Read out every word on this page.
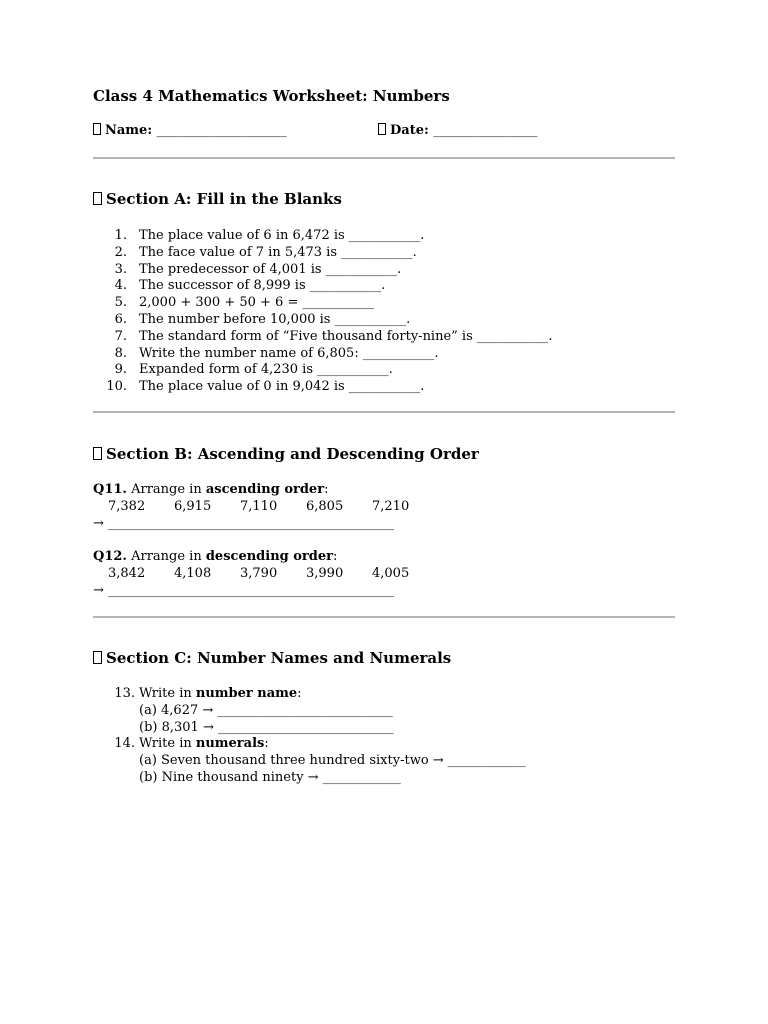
Class 4 Mathematics Worksheet: Numbers
Name: ____________________	Date: ________________
Section A: Fill in the Blanks
1. The place value of 6 in 6,472 is ___________.
2. The face value of 7 in 5,473 is ___________.
3. The predecessor of 4,001 is ___________.
4. The successor of 8,999 is ___________.
5. 2,000 + 300 + 50 + 6 = ___________
6. The number before 10,000 is ___________.
7. The standard form of “Five thousand forty-nine” is ___________.
8. Write the number name of 6,805: ___________.
9. Expanded form of 4,230 is ___________.
10. The place value of 0 in 9,042 is ___________.
Section B: Ascending and Descending Order
Q11. Arrange in ascending order:
7,382 6,915 7,110 6,805 7,210
→ ____________________________________________
Q12. Arrange in descending order:
3,842 4,108 3,790 3,990 4,005
→ ____________________________________________
Section C: Number Names and Numerals
13. Write in number name:
(a) 4,627 → ___________________________
(b) 8,301 → ___________________________
14. Write in numerals:
(a) Seven thousand three hundred sixty-two → ____________
(b) Nine thousand ninety → ____________
